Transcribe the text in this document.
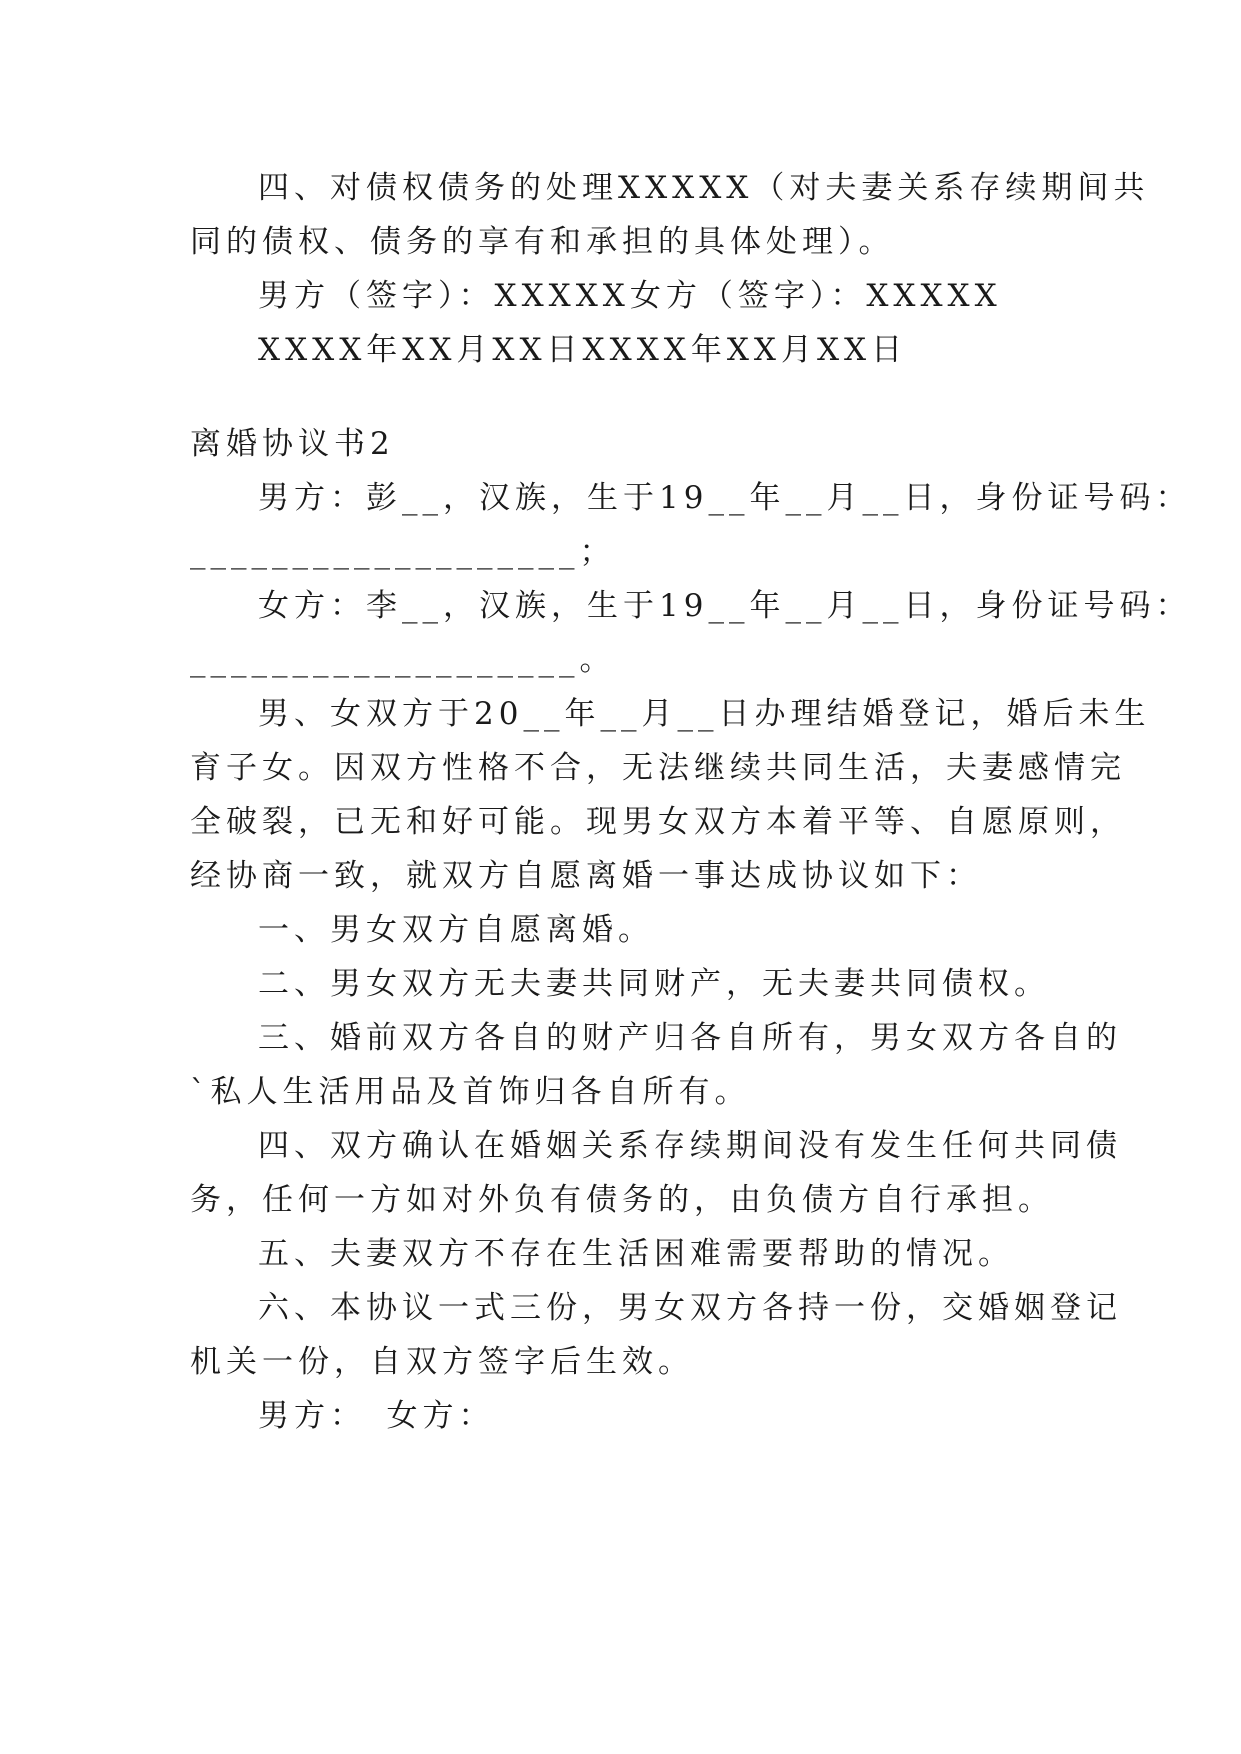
四、对债权债务的处理XXXXX（对夫妻关系存续期间共
同的债权、债务的享有和承担的具体处理）。
男方（签字）：XXXXX女方（签字）：XXXXX
XXXX年XX月XX日XXXX年XX月XX日
离婚协议书2
男方：彭__，汉族，生于19__年__月__日，身份证号码：
___________________；
女方：李__，汉族，生于19__年__月__日，身份证号码：
___________________。
男、女双方于20__年__月__日办理结婚登记，婚后未生
育子女。因双方性格不合，无法继续共同生活，夫妻感情完
全破裂，已无和好可能。现男女双方本着平等、自愿原则，
经协商一致，就双方自愿离婚一事达成协议如下：
一、男女双方自愿离婚。
二、男女双方无夫妻共同财产，无夫妻共同债权。
三、婚前双方各自的财产归各自所有，男女双方各自的
`私人生活用品及首饰归各自所有。
四、双方确认在婚姻关系存续期间没有发生任何共同债
务，任何一方如对外负有债务的，由负债方自行承担。
五、夫妻双方不存在生活困难需要帮助的情况。
六、本协议一式三份，男女双方各持一份，交婚姻登记
机关一份，自双方签字后生效。
男方：　女方：
